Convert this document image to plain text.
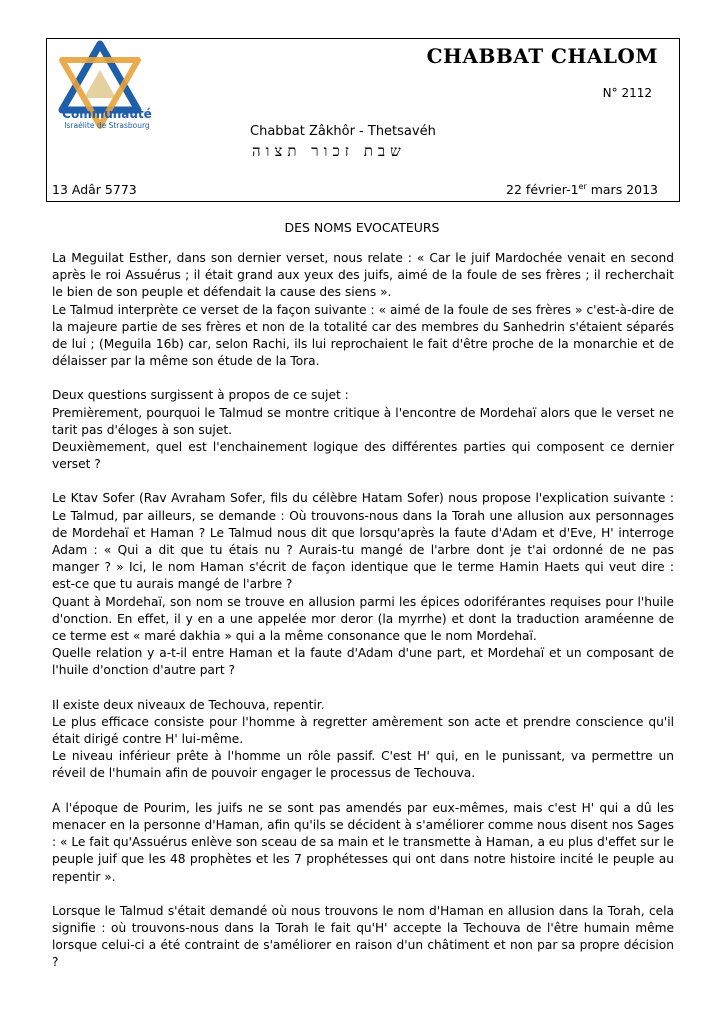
Communauté
Israélite de Strasbourg
CHABBAT CHALOM
N° 2112
Chabbat Zâkhôr - Thetsavéh
שבת זכור תצוה
13 Adâr 5773	22 février-1er mars 2013
DES NOMS EVOCATEURS

La Meguilat Esther, dans son dernier verset, nous relate : « Car le juif Mardochée venait en second après le roi Assuérus ; il était grand aux yeux des juifs, aimé de la foule de ses frères ; il recherchait le bien de son peuple et défendait la cause des siens ».

Le Talmud interprète ce verset de la façon suivante : « aimé de la foule de ses frères » c'est-à-dire de la majeure partie de ses frères et non de la totalité car des membres du Sanhedrin s'étaient séparés de lui ; (Meguila 16b) car, selon Rachi, ils lui reprochaient le fait d'être proche de la monarchie et de délaisser par la même son étude de la Tora.

Deux questions surgissent à propos de ce sujet :

Premièrement, pourquoi le Talmud se montre critique à l'encontre de Mordehaï alors que le verset ne tarit pas d'éloges à son sujet.

Deuxièmement, quel est l'enchainement logique des différentes parties qui composent ce dernier verset ?

Le Ktav Sofer (Rav Avraham Sofer, fils du célèbre Hatam Sofer) nous propose l'explication suivante : Le Talmud, par ailleurs, se demande : Où trouvons-nous dans la Torah une allusion aux personnages de Mordehaï et Haman ? Le Talmud nous dit que lorsqu'après la faute d'Adam et d'Eve, H' interroge Adam : « Qui a dit que tu étais nu ? Aurais-tu mangé de l'arbre dont je t'ai ordonné de ne pas manger ? » Ici, le nom Haman s'écrit de façon identique que le terme Hamin Haets qui veut dire : est-ce que tu aurais mangé de l'arbre ?

Quant à Mordehaï, son nom se trouve en allusion parmi les épices odoriférantes requises pour l'huile d'onction. En effet, il y en a une appelée mor deror (la myrrhe) et dont la traduction araméenne de ce terme est « maré dakhia » qui a la même consonance que le nom Mordehaï.

Quelle relation y a-t-il entre Haman et la faute d'Adam d'une part, et Mordehaï et un composant de l'huile d'onction d'autre part ?

Il existe deux niveaux de Techouva, repentir.

Le plus efficace consiste pour l'homme à regretter amèrement son acte et prendre conscience qu'il était dirigé contre H' lui-même.

Le niveau inférieur prête à l'homme un rôle passif. C'est H' qui, en le punissant, va permettre un réveil de l'humain afin de pouvoir engager le processus de Techouva.

A l'époque de Pourim, les juifs ne se sont pas amendés par eux-mêmes, mais c'est H' qui a dû les menacer en la personne d'Haman, afin qu'ils se décident à s'améliorer comme nous disent nos Sages : « Le fait qu'Assuérus enlève son sceau de sa main et le transmette à Haman, a eu plus d'effet sur le peuple juif que les 48 prophètes et les 7 prophétesses qui ont dans notre histoire incité le peuple au repentir ».

Lorsque le Talmud s'était demandé où nous trouvons le nom d'Haman en allusion dans la Torah, cela signifie : où trouvons-nous dans la Torah le fait qu'H' accepte la Techouva de l'être humain même lorsque celui-ci a été contraint de s'améliorer en raison d'un châtiment et non par sa propre décision ?
